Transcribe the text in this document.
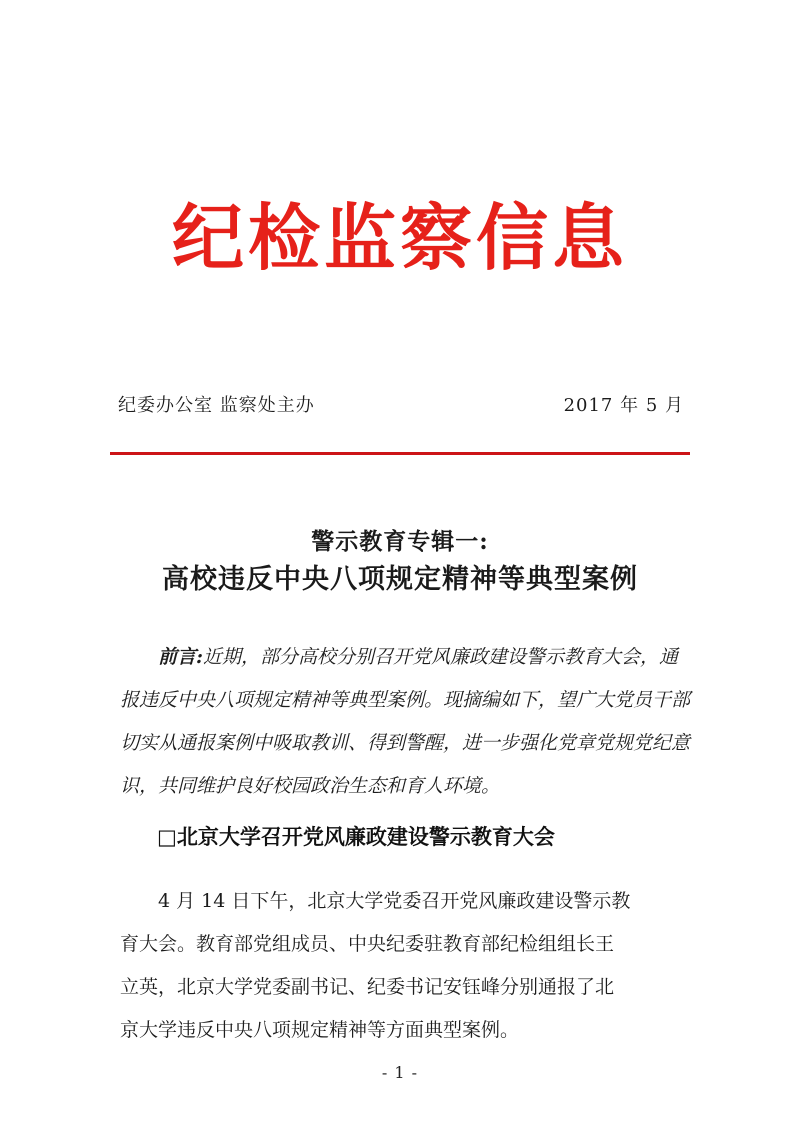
纪检监察信息
纪委办公室 监察处主办	2017 年 5 月
警示教育专辑一:
高校违反中央八项规定精神等典型案例
前言:近期，部分高校分别召开党风廉政建设警示教育大会，通
报违反中央八项规定精神等典型案例。现摘编如下，望广大党员干部
切实从通报案例中吸取教训、得到警醒，进一步强化党章党规党纪意
识，共同维护良好校园政治生态和育人环境。
□北京大学召开党风廉政建设警示教育大会
4 月 14 日下午，北京大学党委召开党风廉政建设警示教
育大会。教育部党组成员、中央纪委驻教育部纪检组组长王
立英，北京大学党委副书记、纪委书记安钰峰分别通报了北
京大学违反中央八项规定精神等方面典型案例。
- 1 -
